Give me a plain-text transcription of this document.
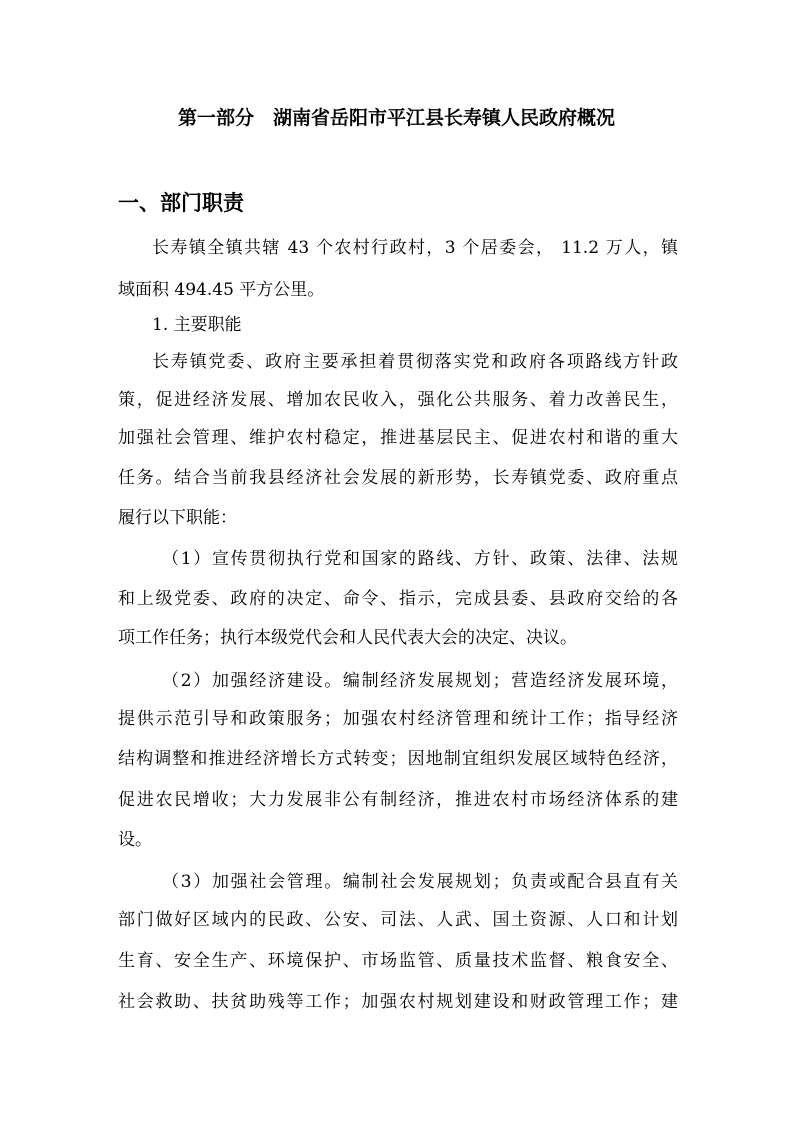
第一部分　湖南省岳阳市平江县长寿镇人民政府概况
一、部门职责
长寿镇全镇共辖 43 个农村行政村，3 个居委会， 11.2 万人，镇
域面积 494.45 平方公里。
1. 主要职能
长寿镇党委、政府主要承担着贯彻落实党和政府各项路线方针政
策，促进经济发展、增加农民收入，强化公共服务、着力改善民生，
加强社会管理、维护农村稳定，推进基层民主、促进农村和谐的重大
任务。结合当前我县经济社会发展的新形势，长寿镇党委、政府重点
履行以下职能：
（1）宣传贯彻执行党和国家的路线、方针、政策、法律、法规
和上级党委、政府的决定、命令、指示，完成县委、县政府交给的各
项工作任务；执行本级党代会和人民代表大会的决定、决议。
（2）加强经济建设。编制经济发展规划；营造经济发展环境，
提供示范引导和政策服务；加强农村经济管理和统计工作；指导经济
结构调整和推进经济增长方式转变；因地制宜组织发展区域特色经济，
促进农民增收；大力发展非公有制经济，推进农村市场经济体系的建
设。
（3）加强社会管理。编制社会发展规划；负责或配合县直有关
部门做好区域内的民政、公安、司法、人武、国土资源、人口和计划
生育、安全生产、环境保护、市场监管、质量技术监督、粮食安全、
社会救助、扶贫助残等工作；加强农村规划建设和财政管理工作；建
